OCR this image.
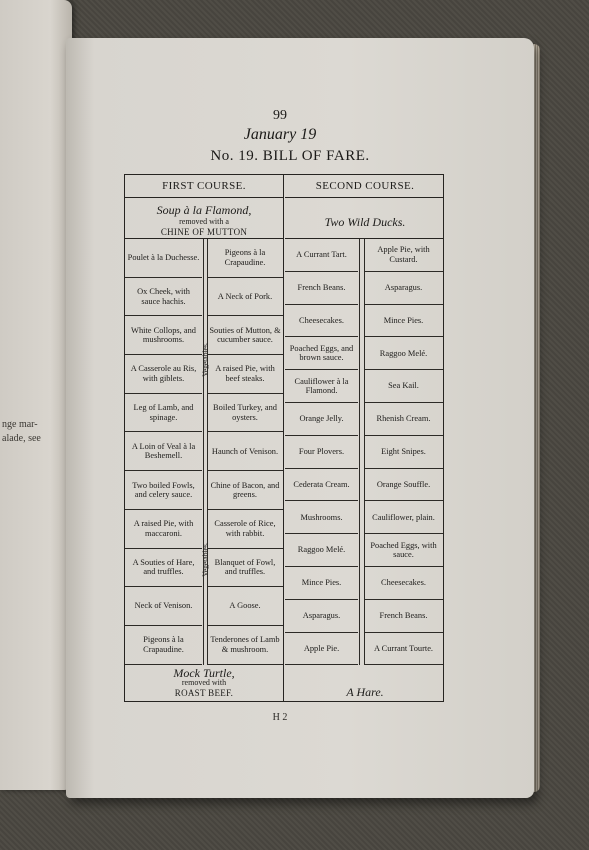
nge mar-
alade, see
99
January 19
No. 19. BILL OF FARE.
FIRST COURSE.	SECOND COURSE.
Soup à la Flamond,
removed with a
CHINE OF MUTTON
Two Wild Ducks.
Vegetables.
Vegetables.
Poulet à la Duchesse.
Ox Cheek, with sauce hachis.
White Collops, and mushrooms.
A Casserole au Ris, with giblets.
Leg of Lamb, and spinage.
A Loin of Veal à la Beshemell.
Two boiled Fowls, and celery sauce.
A raised Pie, with maccaroni.
A Souties of Hare, and truffles.
Neck of Venison.
Pigeons à la Crapaudine.
Pigeons à la Crapaudine.
A Neck of Pork.
Souties of Mutton, & cucumber sauce.
A raised Pie, with beef steaks.
Boiled Turkey, and oysters.
Haunch of Venison.
Chine of Bacon, and greens.
Casserole of Rice, with rabbit.
Blanquet of Fowl, and truffles.
A Goose.
Tenderones of Lamb & mushroom.
A Currant Tart.
French Beans.
Cheesecakes.
Poached Eggs, and brown sauce.
Cauliflower à la Flamond.
Orange Jelly.
Four Plovers.
Cederata Cream.
Mushrooms.
Raggoo Melé.
Mince Pies.
Asparagus.
Apple Pie.
Apple Pie, with Custard.
Asparagus.
Mince Pies.
Raggoo Melé.
Sea Kail.
Rhenish Cream.
Eight Snipes.
Orange Souffle.
Cauliflower, plain.
Poached Eggs, with sauce.
Cheesecakes.
French Beans.
A Currant Tourte.
Mock Turtle,
removed with
ROAST BEEF.	A Hare.
H 2
